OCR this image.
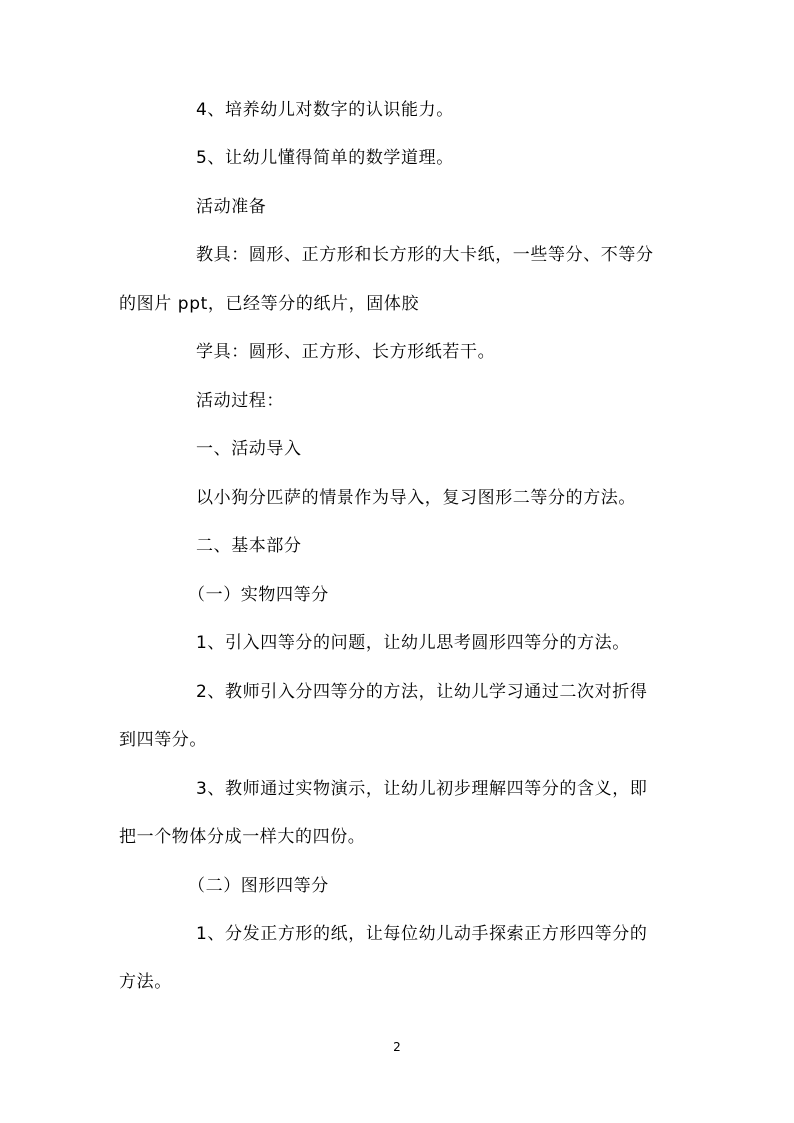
4、培养幼儿对数字的认识能力。
5、让幼儿懂得简单的数学道理。
活动准备
教具：圆形、正方形和长方形的大卡纸，一些等分、不等分
的图片 ppt，已经等分的纸片，固体胶
学具：圆形、正方形、长方形纸若干。
活动过程：
一、活动导入
以小狗分匹萨的情景作为导入，复习图形二等分的方法。
二、基本部分
（一）实物四等分
1、引入四等分的问题，让幼儿思考圆形四等分的方法。
2、教师引入分四等分的方法，让幼儿学习通过二次对折得
到四等分。
3、教师通过实物演示，让幼儿初步理解四等分的含义，即
把一个物体分成一样大的四份。
（二）图形四等分
1、分发正方形的纸，让每位幼儿动手探索正方形四等分的
方法。
2
